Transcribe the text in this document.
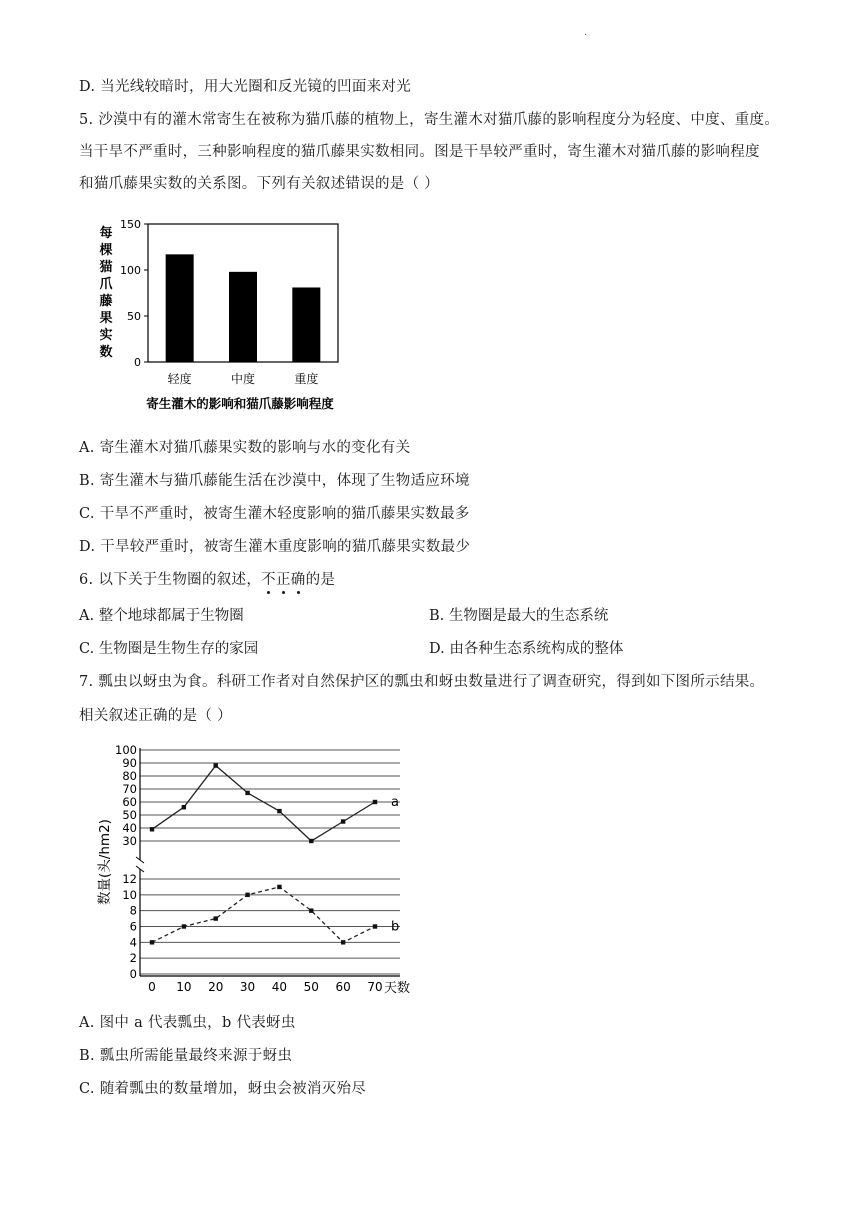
·
D. 当光线较暗时，用大光圈和反光镜的凹面来对光
5. 沙漠中有的灌木常寄生在被称为猫爪藤的植物上，寄生灌木对猫爪藤的影响程度分为轻度、中度、重度。
当干旱不严重时，三种影响程度的猫爪藤果实数相同。图是干旱较严重时，寄生灌木对猫爪藤的影响程度
和猫爪藤果实数的关系图。下列有关叙述错误的是（ ）
0
50
100
150
轻度	中度	重度
每
棵
猫
爪
藤
果
实
数
寄生灌木的影响和猫爪藤影响程度
A. 寄生灌木对猫爪藤果实数的影响与水的变化有关
B. 寄生灌木与猫爪藤能生活在沙漠中，体现了生物适应环境
C. 干旱不严重时，被寄生灌木轻度影响的猫爪藤果实数最多
D. 干旱较严重时，被寄生灌木重度影响的猫爪藤果实数最少
6. 以下关于生物圈的叙述，不正确的是
A. 整个地球都属于生物圈	B. 生物圈是最大的生态系统
C. 生物圈是生物生存的家园	D. 由各种生态系统构成的整体
7. 瓢虫以蚜虫为食。科研工作者对自然保护区的瓢虫和蚜虫数量进行了调查研究，得到如下图所示结果。
相关叙述正确的是（ ）
30
40
50
60
70
80
90
100
0
2
4
6
8
10
12
0 10 20 30 40 50 60 70 天数
数量(头/hm2)
a
b
A. 图中 a 代表瓢虫，b 代表蚜虫
B. 瓢虫所需能量最终来源于蚜虫
C. 随着瓢虫的数量增加，蚜虫会被消灭殆尽
